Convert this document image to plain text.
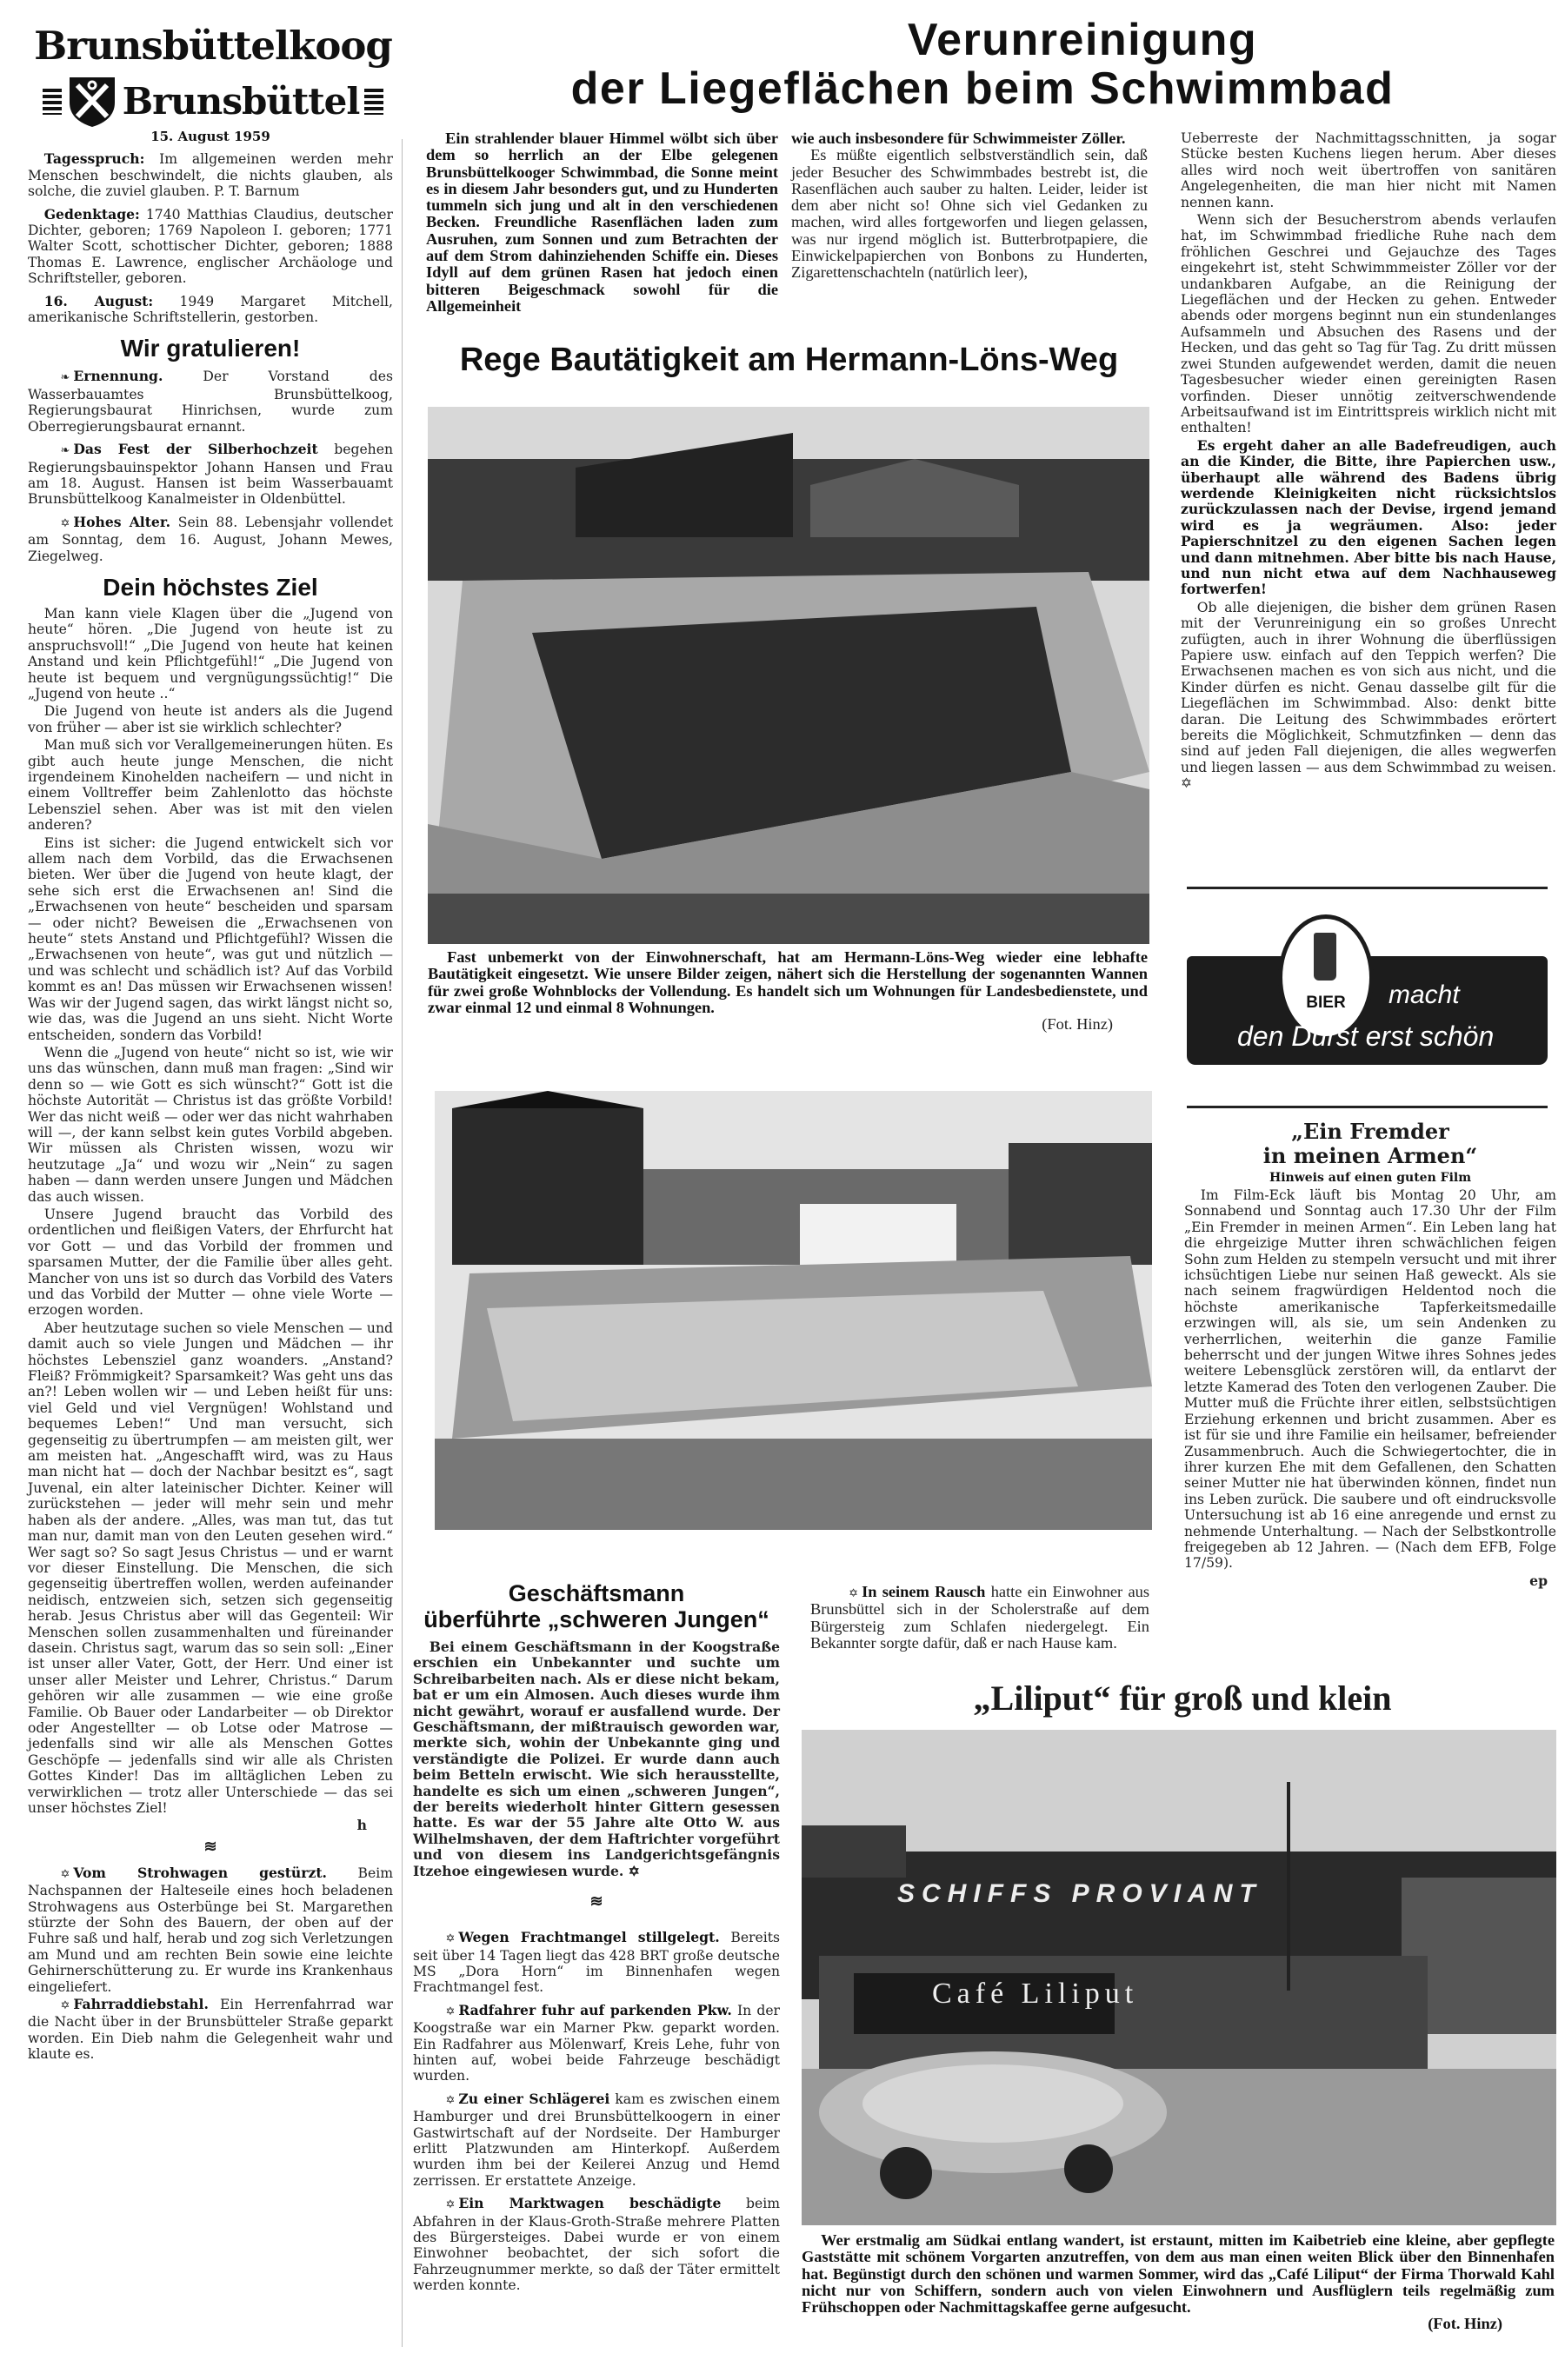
Brunsbüttelkoog
Brunsbüttel
15. August 1959

Tagesspruch: Im allgemeinen werden mehr Menschen beschwindelt, die nichts glauben, als solche, die zuviel glauben. P. T. Barnum

Gedenktage: 1740 Matthias Claudius, deutscher Dichter, geboren; 1769 Napoleon I. geboren; 1771 Walter Scott, schottischer Dichter, geboren; 1888 Thomas E. Lawrence, englischer Archäologe und Schriftsteller, geboren.

16. August: 1949 Margaret Mitchell, amerikanische Schriftstellerin, gestorben.

Wir gratulieren!

❧ Ernennung. Der Vorstand des Wasserbauamtes Brunsbüttelkoog, Regierungsbaurat Hinrichsen, wurde zum Oberregierungsbaurat ernannt.

❧ Das Fest der Silberhochzeit begehen Regierungsbauinspektor Johann Hansen und Frau am 18. August. Hansen ist beim Wasserbauamt Brunsbüttelkoog Kanalmeister in Oldenbüttel.

✡ Hohes Alter. Sein 88. Lebensjahr vollendet am Sonntag, dem 16. August, Johann Mewes, Ziegelweg.

Dein höchstes Ziel

Man kann viele Klagen über die „Jugend von heute“ hören. „Die Jugend von heute ist zu anspruchsvoll!“ „Die Jugend von heute hat keinen Anstand und kein Pflichtgefühl!“ „Die Jugend von heute ist bequem und vergnügungssüchtig!“ Die „Jugend von heute ..“

Die Jugend von heute ist anders als die Jugend von früher — aber ist sie wirklich schlechter?

Man muß sich vor Verallgemeinerungen hüten. Es gibt auch heute junge Menschen, die nicht irgendeinem Kinohelden nacheifern — und nicht in einem Volltreffer beim Zahlenlotto das höchste Lebensziel sehen. Aber was ist mit den vielen anderen?

Eins ist sicher: die Jugend entwickelt sich vor allem nach dem Vorbild, das die Erwachsenen bieten. Wer über die Jugend von heute klagt, der sehe sich erst die Erwachsenen an! Sind die „Erwachsenen von heute“ bescheiden und sparsam — oder nicht? Beweisen die „Erwachsenen von heute“ stets Anstand und Pflichtgefühl? Wissen die „Erwachsenen von heute“, was gut und nützlich — und was schlecht und schädlich ist? Auf das Vorbild kommt es an! Das müssen wir Erwachsenen wissen! Was wir der Jugend sagen, das wirkt längst nicht so, wie das, was die Jugend an uns sieht. Nicht Worte entscheiden, sondern das Vorbild!

Wenn die „Jugend von heute“ nicht so ist, wie wir uns das wünschen, dann muß man fragen: „Sind wir denn so — wie Gott es sich wünscht?“ Gott ist die höchste Autorität — Christus ist das größte Vorbild! Wer das nicht weiß — oder wer das nicht wahrhaben will —, der kann selbst kein gutes Vorbild abgeben. Wir müssen als Christen wissen, wozu wir heutzutage „Ja“ und wozu wir „Nein“ zu sagen haben — dann werden unsere Jungen und Mädchen das auch wissen.

Unsere Jugend braucht das Vorbild des ordentlichen und fleißigen Vaters, der Ehrfurcht hat vor Gott — und das Vorbild der frommen und sparsamen Mutter, der die Familie über alles geht. Mancher von uns ist so durch das Vorbild des Vaters und das Vorbild der Mutter — ohne viele Worte — erzogen worden.

Aber heutzutage suchen so viele Menschen — und damit auch so viele Jungen und Mädchen — ihr höchstes Lebensziel ganz woanders. „Anstand? Fleiß? Frömmigkeit? Sparsamkeit? Was geht uns das an?! Leben wollen wir — und Leben heißt für uns: viel Geld und viel Vergnügen! Wohlstand und bequemes Leben!“ Und man versucht, sich gegenseitig zu übertrumpfen — am meisten gilt, wer am meisten hat. „Angeschafft wird, was zu Haus man nicht hat — doch der Nachbar besitzt es“, sagt Juvenal, ein alter lateinischer Dichter. Keiner will zurückstehen — jeder will mehr sein und mehr haben als der andere. „Alles, was man tut, das tut man nur, damit man von den Leuten gesehen wird.“ Wer sagt so? So sagt Jesus Christus — und er warnt vor dieser Einstellung. Die Menschen, die sich gegenseitig übertreffen wollen, werden aufeinander neidisch, entzweien sich, setzen sich gegenseitig herab. Jesus Christus aber will das Gegenteil: Wir Menschen sollen zusammenhalten und füreinander dasein. Christus sagt, warum das so sein soll: „Einer ist unser aller Vater, Gott, der Herr. Und einer ist unser aller Meister und Lehrer, Christus.“ Darum gehören wir alle zusammen — wie eine große Familie. Ob Bauer oder Landarbeiter — ob Direktor oder Angestellter — ob Lotse oder Matrose — jedenfalls sind wir alle als Menschen Gottes Geschöpfe — jedenfalls sind wir alle als Christen Gottes Kinder! Das im alltäglichen Leben zu verwirklichen — trotz aller Unterschiede — das sei unser höchstes Ziel!

h
≋

✡ Vom Strohwagen gestürzt. Beim Nachspannen der Halteseile eines hoch beladenen Strohwagens aus Osterbünge bei St. Margarethen stürzte der Sohn des Bauern, der oben auf der Fuhre saß und half, herab und zog sich Verletzungen am Mund und am rechten Bein sowie eine leichte Gehirnerschütterung zu. Er wurde ins Krankenhaus eingeliefert.

✡ Fahrraddiebstahl. Ein Herrenfahrrad war die Nacht über in der Brunsbütteler Straße geparkt worden. Ein Dieb nahm die Gelegenheit wahr und klaute es.

Verunreinigung
der Liegeflächen beim Schwimmbad

Ein strahlender blauer Himmel wölbt sich über dem so herrlich an der Elbe gelegenen Brunsbüttelkooger Schwimmbad, die Sonne meint es in diesem Jahr besonders gut, und zu Hunderten tummeln sich jung und alt in den verschiedenen Becken. Freundliche Rasenflächen laden zum Ausruhen, zum Sonnen und zum Betrachten der auf dem Strom dahinziehenden Schiffe ein. Dieses Idyll auf dem grünen Rasen hat jedoch einen bitteren Beigeschmack sowohl für die Allgemeinheit

wie auch insbesondere für Schwimmeister Zöller.

Es müßte eigentlich selbstverständlich sein, daß jeder Besucher des Schwimmbades bestrebt ist, die Rasenflächen auch sauber zu halten. Leider, leider ist dem aber nicht so! Ohne sich viel Gedanken zu machen, wird alles fortgeworfen und liegen gelassen, was nur irgend möglich ist. Butterbrotpapiere, die Einwickelpapierchen von Bonbons zu Hunderten, Zigarettenschachteln (natürlich leer),

Ueberreste der Nachmittagsschnitten, ja sogar Stücke besten Kuchens liegen herum. Aber dieses alles wird noch weit übertroffen von sanitären Angelegenheiten, die man hier nicht mit Namen nennen kann.

Wenn sich der Besucherstrom abends verlaufen hat, im Schwimmbad friedliche Ruhe nach dem fröhlichen Geschrei und Gejauchze des Tages eingekehrt ist, steht Schwimmmeister Zöller vor der undankbaren Aufgabe, an die Reinigung der Liegeflächen und der Hecken zu gehen. Entweder abends oder morgens beginnt nun ein stundenlanges Aufsammeln und Absuchen des Rasens und der Hecken, und das geht so Tag für Tag. Zu dritt müssen zwei Stunden aufgewendet werden, damit die neuen Tagesbesucher wieder einen gereinigten Rasen vorfinden. Dieser unnötig zeitverschwendende Arbeitsaufwand ist im Eintrittspreis wirklich nicht mit enthalten!

Es ergeht daher an alle Badefreudigen, auch an die Kinder, die Bitte, ihre Papierchen usw., überhaupt alle während des Badens übrig werdende Kleinigkeiten nicht rücksichtslos zurückzulassen nach der Devise, irgend jemand wird es ja wegräumen. Also: jeder Papierschnitzel zu den eigenen Sachen legen und dann mitnehmen. Aber bitte bis nach Hause, und nun nicht etwa auf dem Nachhauseweg fortwerfen!

Ob alle diejenigen, die bisher dem grünen Rasen mit der Verunreinigung ein so großes Unrecht zufügten, auch in ihrer Wohnung die überflüssigen Papiere usw. einfach auf den Teppich werfen? Die Erwachsenen machen es von sich aus nicht, und die Kinder dürfen es nicht. Genau dasselbe gilt für die Liegeflächen im Schwimmbad. Also: denkt bitte daran. Die Leitung des Schwimmbades erörtert bereits die Möglichkeit, Schmutzfinken — denn das sind auf jeden Fall diejenigen, die alles wegwerfen und liegen lassen — aus dem Schwimmbad zu weisen. ✡

Rege Bautätigkeit am Hermann-Löns-Weg

Fast unbemerkt von der Einwohnerschaft, hat am Hermann-Löns-Weg wieder eine lebhafte Bautätigkeit eingesetzt. Wie unsere Bilder zeigen, nähert sich die Herstellung der sogenannten Wannen für zwei große Wohnblocks der Vollendung. Es handelt sich um Wohnungen für Landesbedienstete, und zwar einmal 12 und einmal 8 Wohnungen.

(Fot. Hinz)
BIER	macht
den Durst erst schön
„Ein Fremder
in meinen Armen“
Hinweis auf einen guten Film

Im Film-Eck läuft bis Montag 20 Uhr, am Sonnabend und Sonntag auch 17.30 Uhr der Film „Ein Fremder in meinen Armen“. Ein Leben lang hat die ehrgeizige Mutter ihren schwächlichen feigen Sohn zum Helden zu stempeln versucht und mit ihrer ichsüchtigen Liebe nur seinen Haß geweckt. Als sie nach seinem fragwürdigen Heldentod noch die höchste amerikanische Tapferkeitsmedaille erzwingen will, als sie, um sein Andenken zu verherrlichen, weiterhin die ganze Familie beherrscht und der jungen Witwe ihres Sohnes jedes weitere Lebensglück zerstören will, da entlarvt der letzte Kamerad des Toten den verlogenen Zauber. Die Mutter muß die Früchte ihrer eitlen, selbstsüchtigen Erziehung erkennen und bricht zusammen. Aber es ist für sie und ihre Familie ein heilsamer, befreiender Zusammenbruch. Auch die Schwiegertochter, die in ihrer kurzen Ehe mit dem Gefallenen, den Schatten seiner Mutter nie hat überwinden können, findet nun ins Leben zurück. Die saubere und oft eindrucksvolle Untersuchung ist ab 16 eine anregende und ernst zu nehmende Unterhaltung. — Nach der Selbstkontrolle freigegeben ab 12 Jahren. — (Nach dem EFB, Folge 17/59).

ep
Geschäftsmann
überführte „schweren Jungen“

Bei einem Geschäftsmann in der Koogstraße erschien ein Unbekannter und suchte um Schreibarbeiten nach. Als er diese nicht bekam, bat er um ein Almosen. Auch dieses wurde ihm nicht gewährt, worauf er ausfallend wurde. Der Geschäftsmann, der mißtrauisch geworden war, merkte sich, wohin der Unbekannte ging und verständigte die Polizei. Er wurde dann auch beim Betteln erwischt. Wie sich herausstellte, handelte es sich um einen „schweren Jungen“, der bereits wiederholt hinter Gittern gesessen hatte. Es war der 55 Jahre alte Otto W. aus Wilhelmshaven, der dem Haftrichter vorgeführt und von diesem ins Landgerichtsgefängnis Itzehoe eingewiesen wurde. ✡

≋

✡ Wegen Frachtmangel stillgelegt. Bereits seit über 14 Tagen liegt das 428 BRT große deutsche MS „Dora Horn“ im Binnenhafen wegen Frachtmangel fest.

✡ Radfahrer fuhr auf parkenden Pkw. In der Koogstraße war ein Marner Pkw. geparkt worden. Ein Radfahrer aus Mölenwarf, Kreis Lehe, fuhr von hinten auf, wobei beide Fahrzeuge beschädigt wurden.

✡ Zu einer Schlägerei kam es zwischen einem Hamburger und drei Brunsbüttelkoogern in einer Gastwirtschaft auf der Nordseite. Der Hamburger erlitt Platzwunden am Hinterkopf. Außerdem wurden ihm bei der Keilerei Anzug und Hemd zerrissen. Er erstattete Anzeige.

✡ Ein Marktwagen beschädigte beim Abfahren in der Klaus-Groth-Straße mehrere Platten des Bürgersteiges. Dabei wurde er von einem Einwohner beobachtet, der sich sofort die Fahrzeugnummer merkte, so daß der Täter ermittelt werden konnte.

✡ In seinem Rausch hatte ein Einwohner aus Brunsbüttel sich in der Scholerstraße auf dem Bürgersteig zum Schlafen niedergelegt. Ein Bekannter sorgte dafür, daß er nach Hause kam.

„Liliput“ für groß und klein
SCHIFFS PROVIANT
Café Liliput

Wer erstmalig am Südkai entlang wandert, ist erstaunt, mitten im Kaibetrieb eine kleine, aber gepflegte Gaststätte mit schönem Vorgarten anzutreffen, von dem aus man einen weiten Blick über den Binnenhafen hat. Begünstigt durch den schönen und warmen Sommer, wird das „Café Liliput“ der Firma Thorwald Kahl nicht nur von Schiffern, sondern auch von vielen Einwohnern und Ausflüglern teils regelmäßig zum Frühschoppen oder Nachmittagskaffee gerne aufgesucht.

(Fot. Hinz)
